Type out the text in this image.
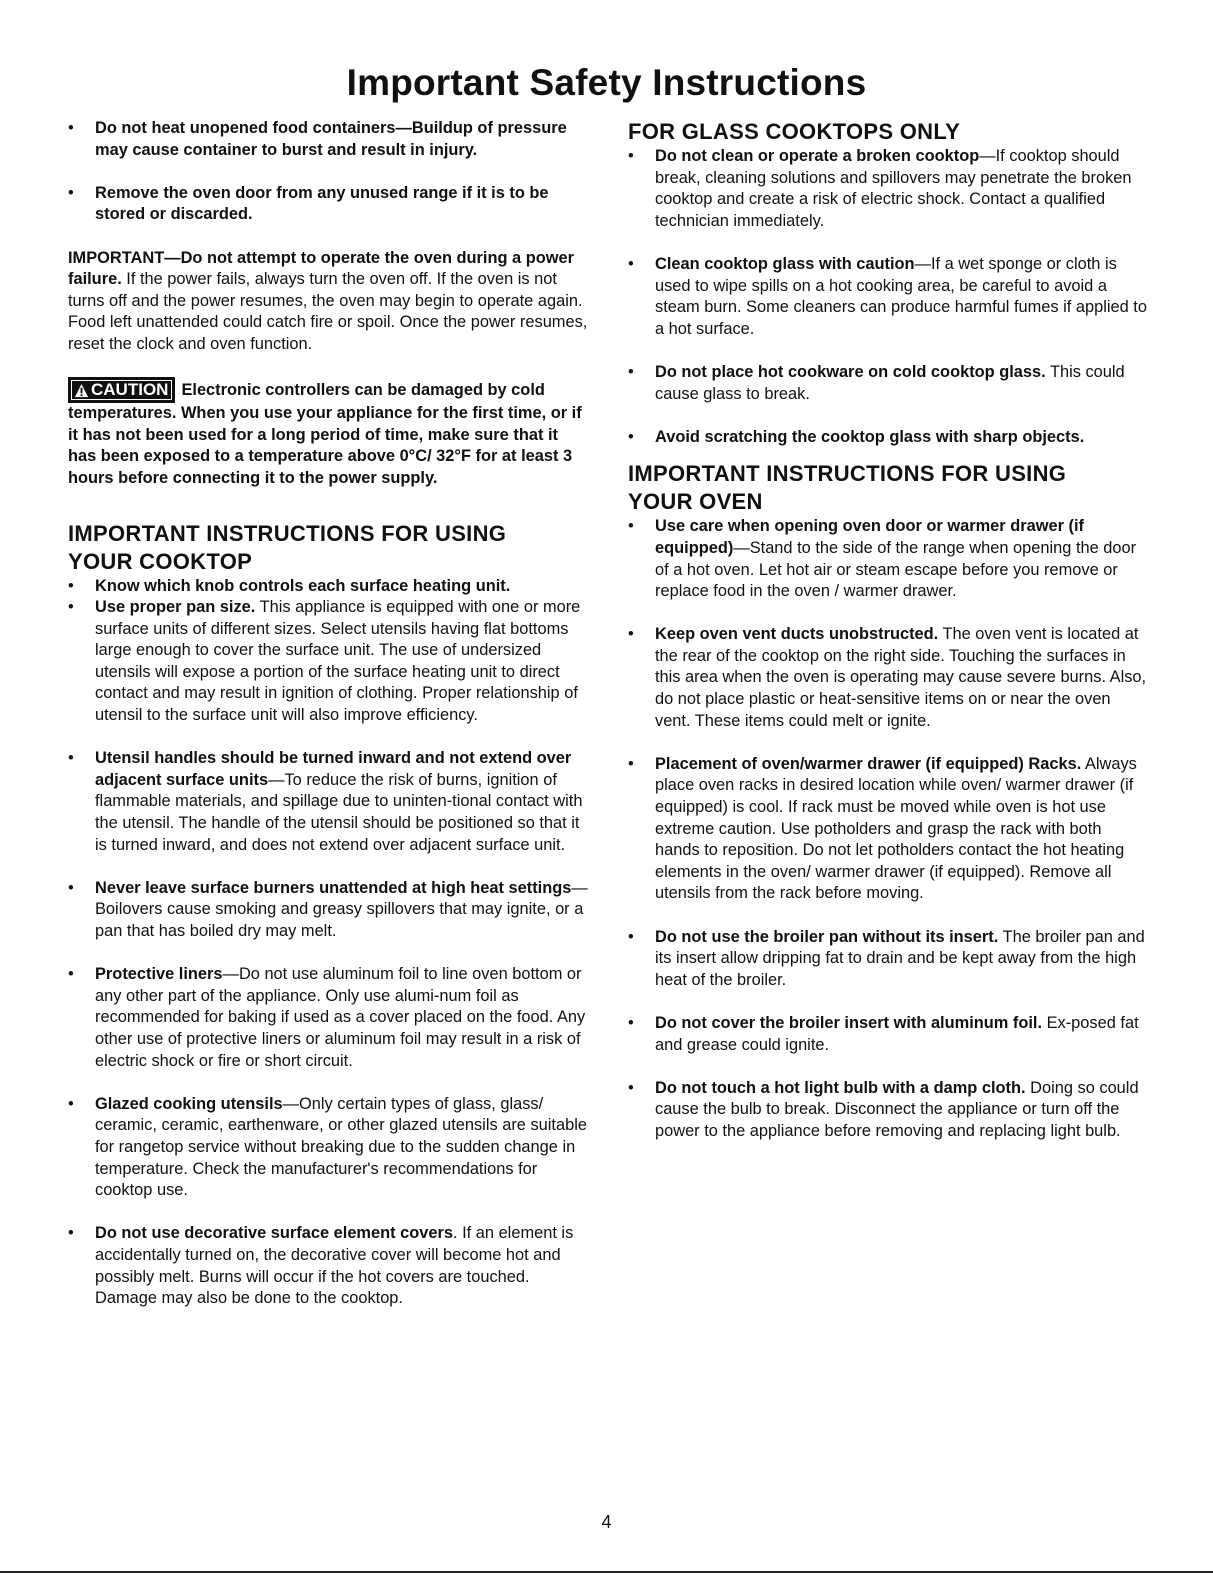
Important Safety Instructions
• Do not heat unopened food containers—Buildup of pressure may cause container to burst and result in injury.
• Remove the oven door from any unused range if it is to be stored or discarded.

IMPORTANT—Do not attempt to operate the oven during a power failure. If the power fails, always turn the oven off. If the oven is not turns off and the power resumes, the oven may begin to operate again. Food left unattended could catch fire or spoil. Once the power resumes, reset the clock and oven function.

CAUTION Electronic controllers can be damaged by cold temperatures. When you use your appliance for the first time, or if it has not been used for a long period of time, make sure that it has been exposed to a temperature above 0°C/ 32°F for at least 3 hours before connecting it to the power supply.

IMPORTANT INSTRUCTIONS FOR USING YOUR COOKTOP
• Know which knob controls each surface heating unit.
• Use proper pan size. This appliance is equipped with one or more surface units of different sizes. Select utensils having flat bottoms large enough to cover the surface unit. The use of undersized utensils will expose a portion of the surface heating unit to direct contact and may result in ignition of clothing. Proper relationship of utensil to the surface unit will also improve efficiency.
• Utensil handles should be turned inward and not extend over adjacent surface units—To reduce the risk of burns, ignition of flammable materials, and spillage due to uninten-tional contact with the utensil. The handle of the utensil should be positioned so that it is turned inward, and does not extend over adjacent surface unit.
• Never leave surface burners unattended at high heat settings—Boilovers cause smoking and greasy spillovers that may ignite, or a pan that has boiled dry may melt.
• Protective liners—Do not use aluminum foil to line oven bottom or any other part of the appliance. Only use alumi-num foil as recommended for baking if used as a cover placed on the food. Any other use of protective liners or aluminum foil may result in a risk of electric shock or fire or short circuit.
• Glazed cooking utensils—Only certain types of glass, glass/ ceramic, ceramic, earthenware, or other glazed utensils are suitable for rangetop service without breaking due to the sudden change in temperature. Check the manufacturer's recommendations for cooktop use.
• Do not use decorative surface element covers. If an element is accidentally turned on, the decorative cover will become hot and possibly melt. Burns will occur if the hot covers are touched. Damage may also be done to the cooktop.
FOR GLASS COOKTOPS ONLY
• Do not clean or operate a broken cooktop—If cooktop should break, cleaning solutions and spillovers may penetrate the broken cooktop and create a risk of electric shock. Contact a qualified technician immediately.
• Clean cooktop glass with caution—If a wet sponge or cloth is used to wipe spills on a hot cooking area, be careful to avoid a steam burn. Some cleaners can produce harmful fumes if applied to a hot surface.
• Do not place hot cookware on cold cooktop glass. This could cause glass to break.
• Avoid scratching the cooktop glass with sharp objects.
IMPORTANT INSTRUCTIONS FOR USING YOUR OVEN
• Use care when opening oven door or warmer drawer (if equipped)—Stand to the side of the range when opening the door of a hot oven. Let hot air or steam escape before you remove or replace food in the oven / warmer drawer.
• Keep oven vent ducts unobstructed. The oven vent is located at the rear of the cooktop on the right side. Touching the surfaces in this area when the oven is operating may cause severe burns. Also, do not place plastic or heat-sensitive items on or near the oven vent. These items could melt or ignite.
• Placement of oven/warmer drawer (if equipped) Racks. Always place oven racks in desired location while oven/ warmer drawer (if equipped) is cool. If rack must be moved while oven is hot use extreme caution. Use potholders and grasp the rack with both hands to reposition. Do not let potholders contact the hot heating elements in the oven/ warmer drawer (if equipped). Remove all utensils from the rack before moving.
• Do not use the broiler pan without its insert. The broiler pan and its insert allow dripping fat to drain and be kept away from the high heat of the broiler.
• Do not cover the broiler insert with aluminum foil. Ex-posed fat and grease could ignite.
• Do not touch a hot light bulb with a damp cloth. Doing so could cause the bulb to break. Disconnect the appliance or turn off the power to the appliance before removing and replacing light bulb.
4
